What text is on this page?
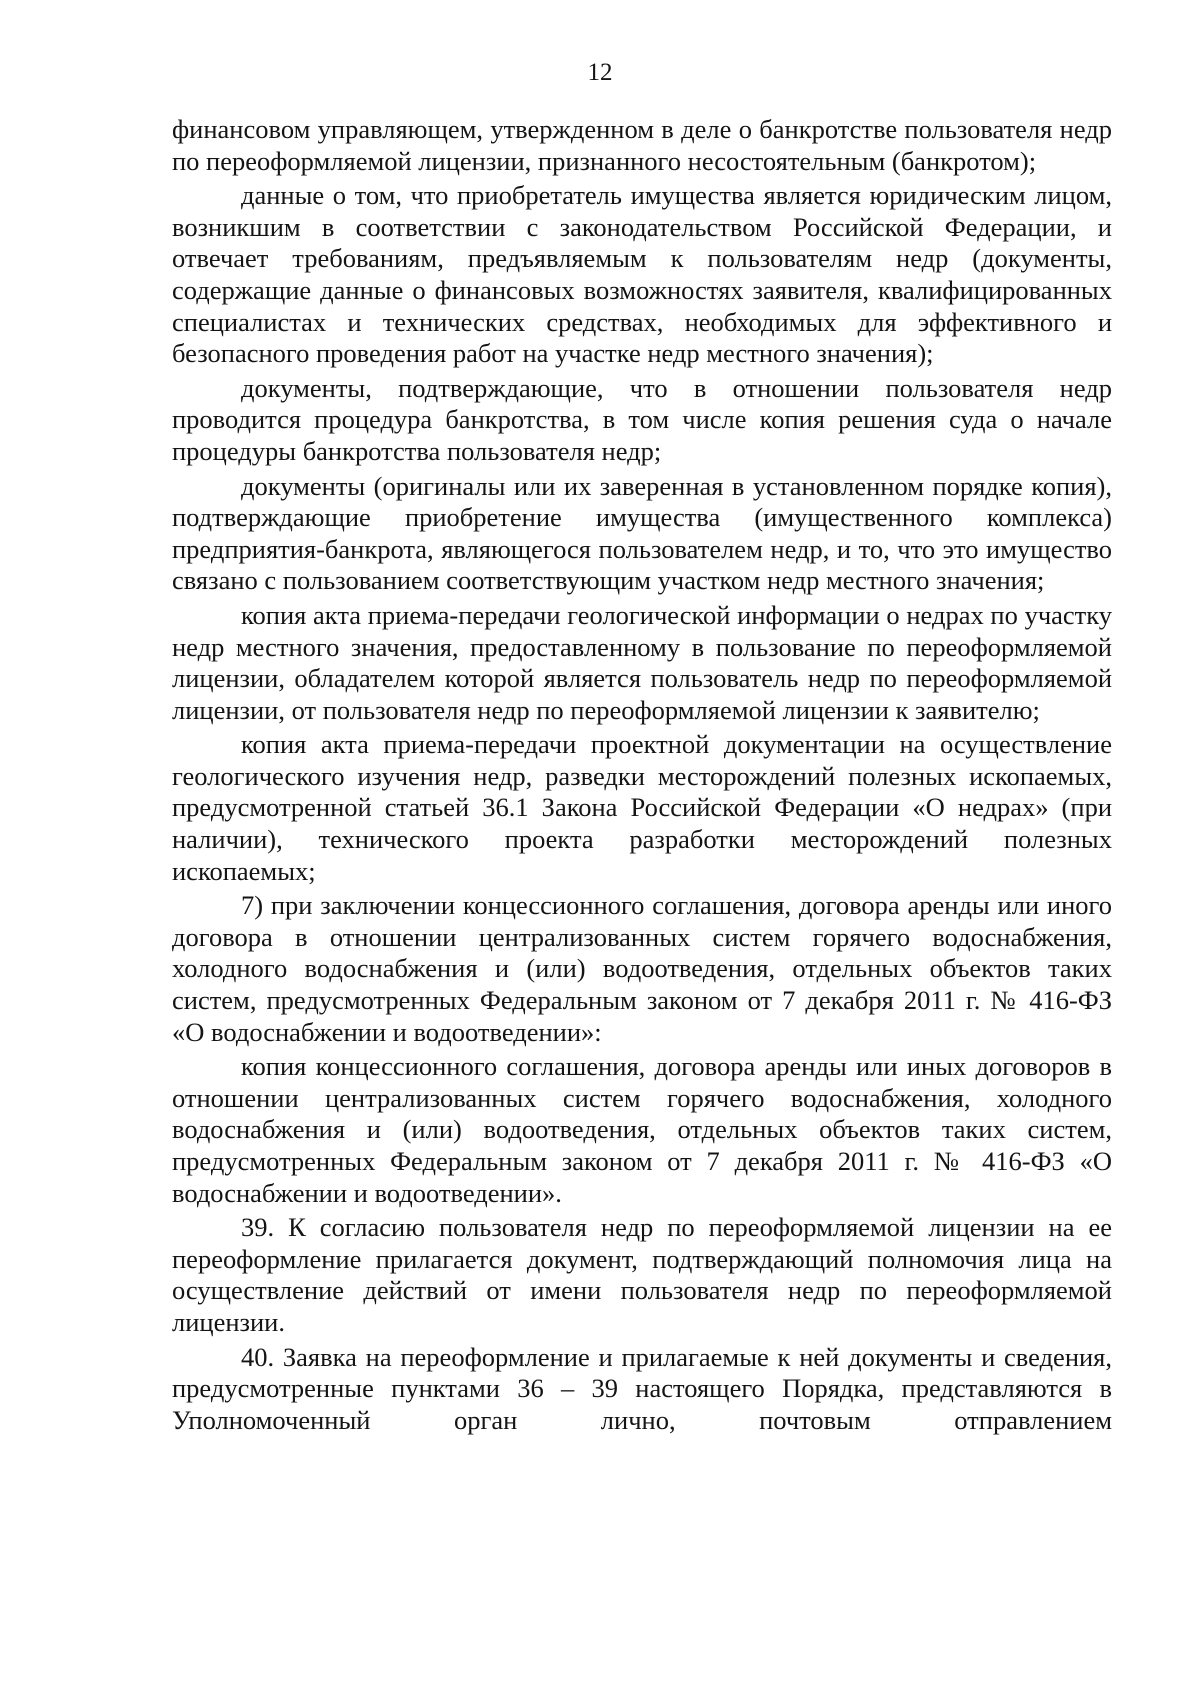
12

финансовом управляющем, утвержденном в деле о банкротстве пользователя недр по переоформляемой лицензии, признанного несостоятельным (банкротом);

данные о том, что приобретатель имущества является юридическим лицом, возникшим в соответствии с законодательством Российской Федерации, и отвечает требованиям, предъявляемым к пользователям недр (документы, содержащие данные о финансовых возможностях заявителя, квалифицированных специалистах и технических средствах, необходимых для эффективного и безопасного проведения работ на участке недр местного значения);

документы, подтверждающие, что в отношении пользователя недр проводится процедура банкротства, в том числе копия решения суда о начале процедуры банкротства пользователя недр;

документы (оригиналы или их заверенная в установленном порядке копия), подтверждающие приобретение имущества (имущественного комплекса) предприятия-банкрота, являющегося пользователем недр, и то, что это имущество связано с пользованием соответствующим участком недр местного значения;

копия акта приема-передачи геологической информации о недрах по участку недр местного значения, предоставленному в пользование по переоформляемой лицензии, обладателем которой является пользователь недр по переоформляемой лицензии, от пользователя недр по переоформляемой лицензии к заявителю;

копия акта приема-передачи проектной документации на осуществление геологического изучения недр, разведки месторождений полезных ископаемых, предусмотренной статьей 36.1 Закона Российской Федерации «О недрах» (при наличии), технического проекта разработки месторождений полезных ископаемых;

7) при заключении концессионного соглашения, договора аренды или иного договора в отношении централизованных систем горячего водоснабжения, холодного водоснабжения и (или) водоотведения, отдельных объектов таких систем, предусмотренных Федеральным законом от 7 декабря 2011 г. № 416-ФЗ «О водоснабжении и водоотведении»:

копия концессионного соглашения, договора аренды или иных договоров в отношении централизованных систем горячего водоснабжения, холодного водоснабжения и (или) водоотведения, отдельных объектов таких систем, предусмотренных Федеральным законом от 7 декабря 2011 г. № 416-ФЗ «О водоснабжении и водоотведении».

39. К согласию пользователя недр по переоформляемой лицензии на ее переоформление прилагается документ, подтверждающий полномочия лица на осуществление действий от имени пользователя недр по переоформляемой лицензии.

40. Заявка на переоформление и прилагаемые к ней документы и сведения, предусмотренные пунктами 36 – 39 настоящего Порядка, представляются в Уполномоченный орган лично, почтовым отправлением
